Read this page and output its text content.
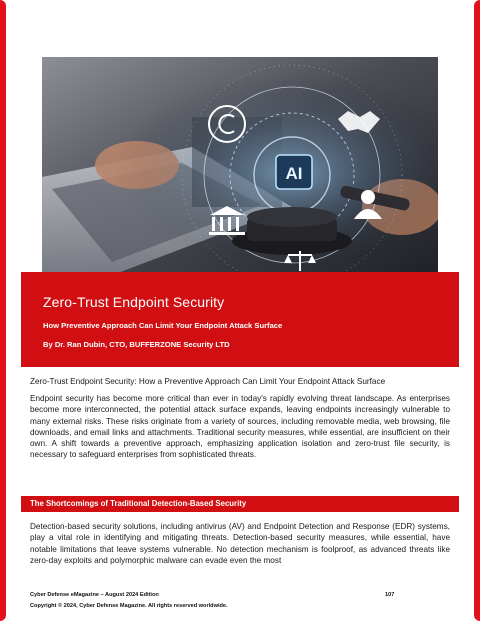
AI
Zero-Trust Endpoint Security
How Preventive Approach Can Limit Your Endpoint Attack Surface
By Dr. Ran Dubin, CTO, BUFFERZONE Security LTD

Zero-Trust Endpoint Security: How a Preventive Approach Can Limit Your Endpoint Attack Surface

Endpoint security has become more critical than ever in today's rapidly evolving threat landscape. As enterprises become more interconnected, the potential attack surface expands, leaving endpoints increasingly vulnerable to many external risks. These risks originate from a variety of sources, including removable media, web browsing, file downloads, and email links and attachments. Traditional security measures, while essential, are insufficient on their own. A shift towards a preventive approach, emphasizing application isolation and zero-trust file security, is necessary to safeguard enterprises from sophisticated threats.

The Shortcomings of Traditional Detection-Based Security

Detection-based security solutions, including antivirus (AV) and Endpoint Detection and Response (EDR) systems, play a vital role in identifying and mitigating threats. Detection-based security measures, while essential, have notable limitations that leave systems vulnerable. No detection mechanism is foolproof, as advanced threats like zero-day exploits and polymorphic malware can evade even the most

Cyber Defense eMagazine – August 2024 Edition	107
Copyright © 2024, Cyber Defense Magazine. All rights reserved worldwide.
